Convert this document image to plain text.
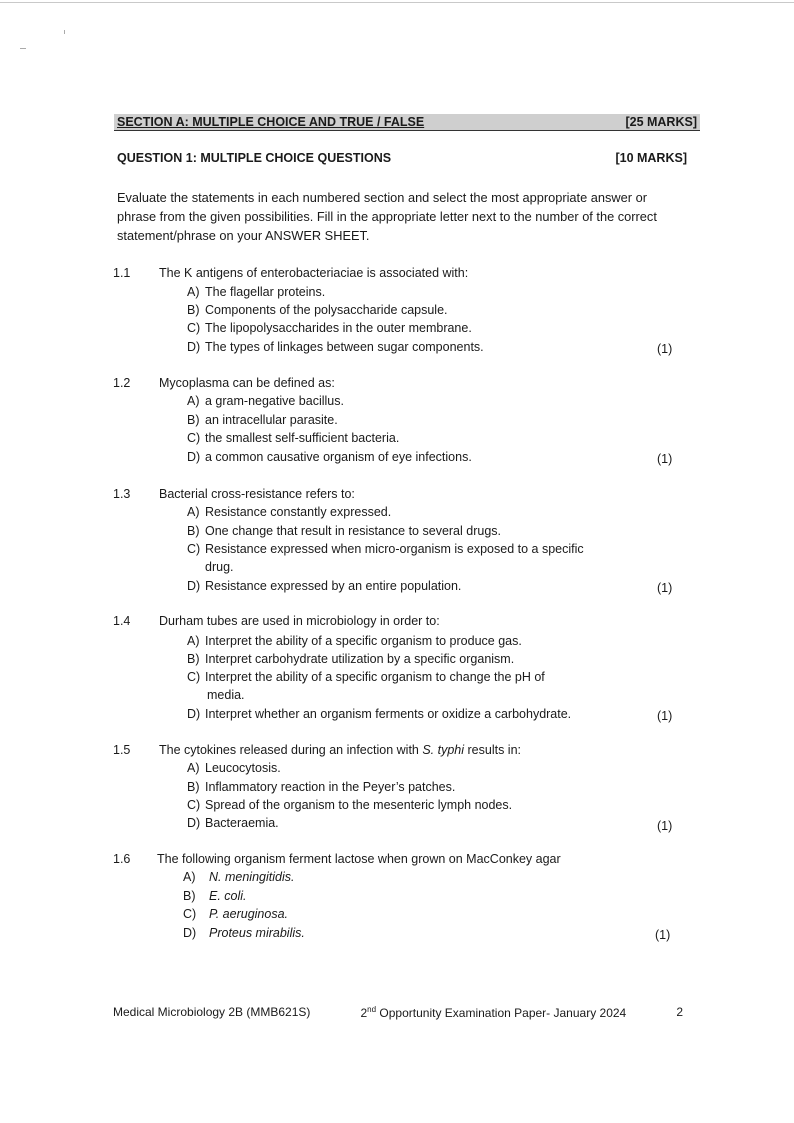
SECTION A: MULTIPLE CHOICE AND TRUE / FALSE	[25 MARKS]
QUESTION 1: MULTIPLE CHOICE QUESTIONS	[10 MARKS]
Evaluate the statements in each numbered section and select the most appropriate answer or phrase from the given possibilities. Fill in the appropriate letter next to the number of the correct statement/phrase on your ANSWER SHEET.
1.1 The K antigens of enterobacteriaciae is associated with:
A) The flagellar proteins.
B) Components of the polysaccharide capsule.
C) The lipopolysaccharides in the outer membrane.
D) The types of linkages between sugar components.	(1)
1.2 Mycoplasma can be defined as:
A) a gram-negative bacillus.
B) an intracellular parasite.
C) the smallest self-sufficient bacteria.
D) a common causative organism of eye infections.	(1)
1.3 Bacterial cross-resistance refers to:
A) Resistance constantly expressed.
B) One change that result in resistance to several drugs.
C) Resistance expressed when micro-organism is exposed to a specific
drug.
D) Resistance expressed by an entire population.	(1)
1.4 Durham tubes are used in microbiology in order to:
A) Interpret the ability of a specific organism to produce gas.
B) Interpret carbohydrate utilization by a specific organism.
C) Interpret the ability of a specific organism to change the pH of
media.
D) Interpret whether an organism ferments or oxidize a carbohydrate.	(1)
1.5 The cytokines released during an infection with S. typhi results in:
A) Leucocytosis.
B) Inflammatory reaction in the Peyer’s patches.
C) Spread of the organism to the mesenteric lymph nodes.
D) Bacteraemia.	(1)
1.6 The following organism ferment lactose when grown on MacConkey agar
A) N. meningitidis.
B) E. coli.
C) P. aeruginosa.
D) Proteus mirabilis.	(1)
Medical Microbiology 2B (MMB621S)	2nd Opportunity Examination Paper- January 2024	2
